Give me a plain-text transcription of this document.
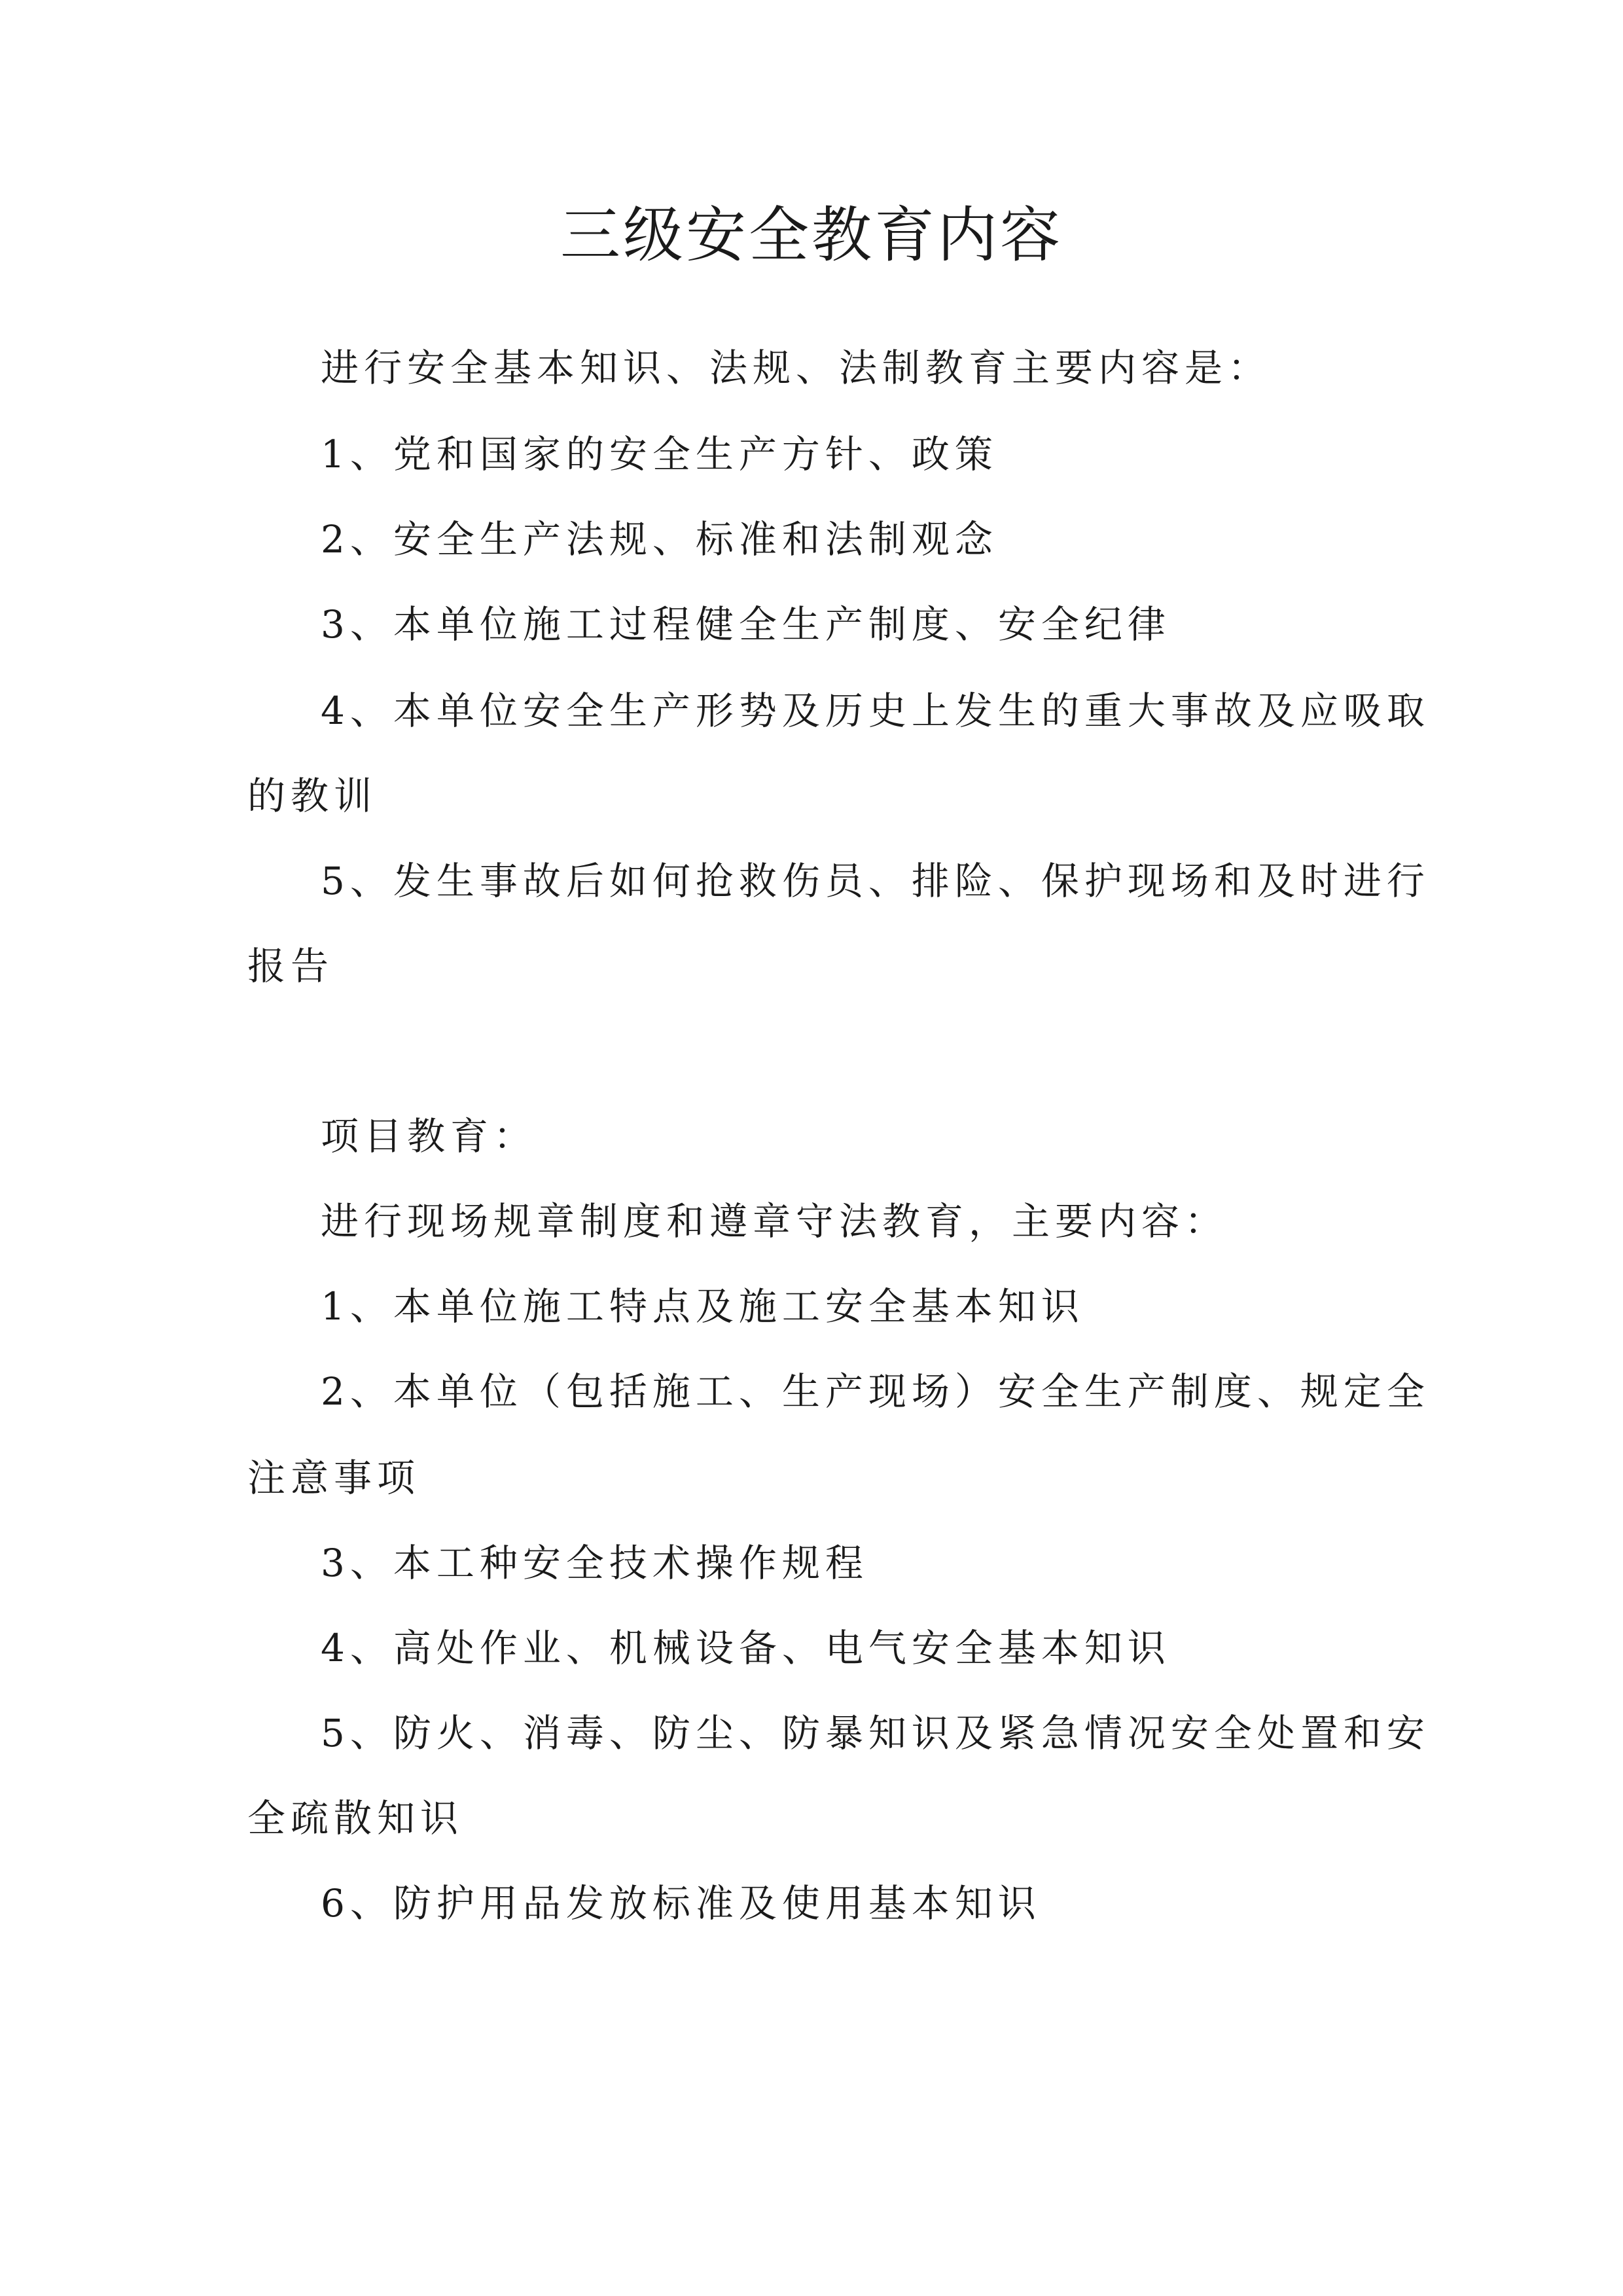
三级安全教育内容

进行安全基本知识、法规、法制教育主要内容是：

1、党和国家的安全生产方针、政策

2、安全生产法规、标准和法制观念

3、本单位施工过程健全生产制度、安全纪律

4、本单位安全生产形势及历史上发生的重大事故及应吸取

的教训

5、发生事故后如何抢救伤员、排险、保护现场和及时进行

报告

项目教育：

进行现场规章制度和遵章守法教育，主要内容：

1、本单位施工特点及施工安全基本知识

2、本单位（包括施工、生产现场）安全生产制度、规定全

注意事项

3、本工种安全技术操作规程

4、高处作业、机械设备、电气安全基本知识

5、防火、消毒、防尘、防暴知识及紧急情况安全处置和安

全疏散知识

6、防护用品发放标准及使用基本知识
